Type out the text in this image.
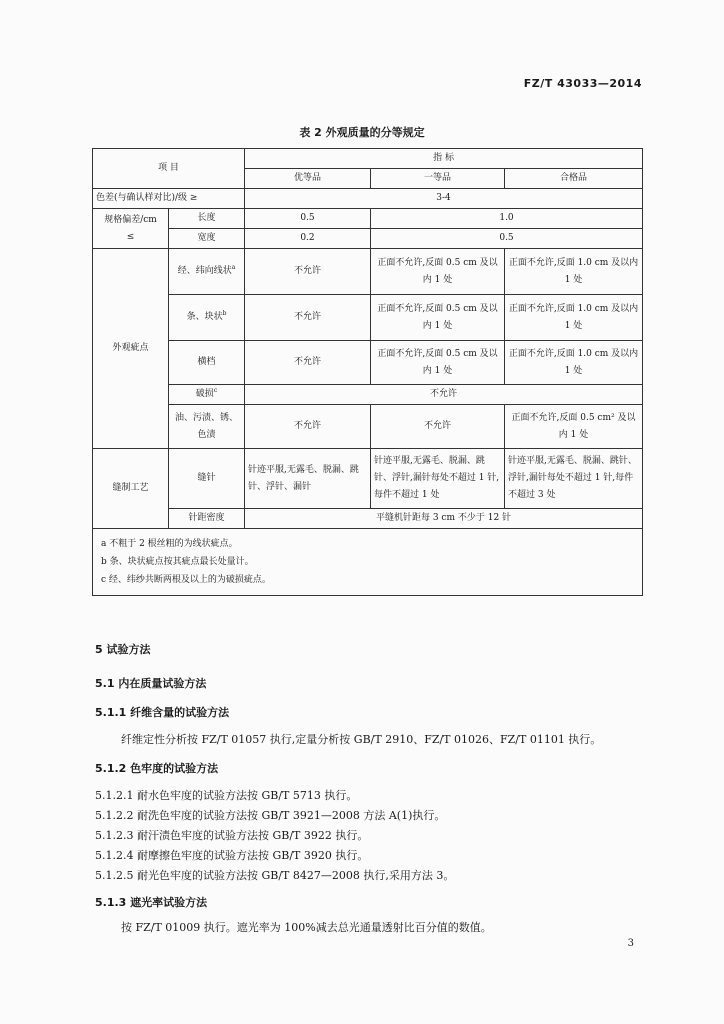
FZ/T 43033—2014
表 2 外观质量的分等规定
项 目		指 标		
		优等品	一等品	合格品
色差(与确认样对比)/级 ≥		3-4		
规格偏差/cm
≤	长度	0.5	1.0	
	宽度	0.2	0.5	
外观疵点	经、纬向线状$^a$	不允许	正面不允许,反面 0.5 cm 及以内 1 处	正面不允许,反面 1.0 cm 及以内 1 处
	条、块状$^b$	不允许	正面不允许,反面 0.5 cm 及以内 1 处	正面不允许,反面 1.0 cm 及以内 1 处
	横档	不允许	正面不允许,反面 0.5 cm 及以内 1 处	正面不允许,反面 1.0 cm 及以内 1 处
	破损$^c$	不允许		
	油、污渍、锈、色渍	不允许	不允许	正面不允许,反面 0.5 cm² 及以内 1 处
缝制工艺	缝针	针迹平服,无露毛、脱漏、跳针、浮针、漏针	针迹平服,无露毛、脱漏、跳针、浮针,漏针每处不超过 1 针,每件不超过 1 处	针迹平服,无露毛、脱漏、跳针、浮针,漏针每处不超过 1 针,每件不超过 3 处
	针距密度	平缝机针距每 3 cm 不少于 12 针		

a 不粗于 2 根丝粗的为线状疵点。
b 条、块状疵点按其疵点最长处量计。
c 经、纬纱共断两根及以上的为破损疵点。				
5 试验方法
5.1 内在质量试验方法
5.1.1 纤维含量的试验方法
纤维定性分析按 FZ/T 01057 执行,定量分析按 GB/T 2910、FZ/T 01026、FZ/T 01101 执行。
5.1.2 色牢度的试验方法
5.1.2.1 耐水色牢度的试验方法按 GB/T 5713 执行。
5.1.2.2 耐洗色牢度的试验方法按 GB/T 3921—2008 方法 A(1)执行。
5.1.2.3 耐汗渍色牢度的试验方法按 GB/T 3922 执行。
5.1.2.4 耐摩擦色牢度的试验方法按 GB/T 3920 执行。
5.1.2.5 耐光色牢度的试验方法按 GB/T 8427—2008 执行,采用方法 3。
5.1.3 遮光率试验方法
按 FZ/T 01009 执行。遮光率为 100%减去总光通量透射比百分值的数值。
3
